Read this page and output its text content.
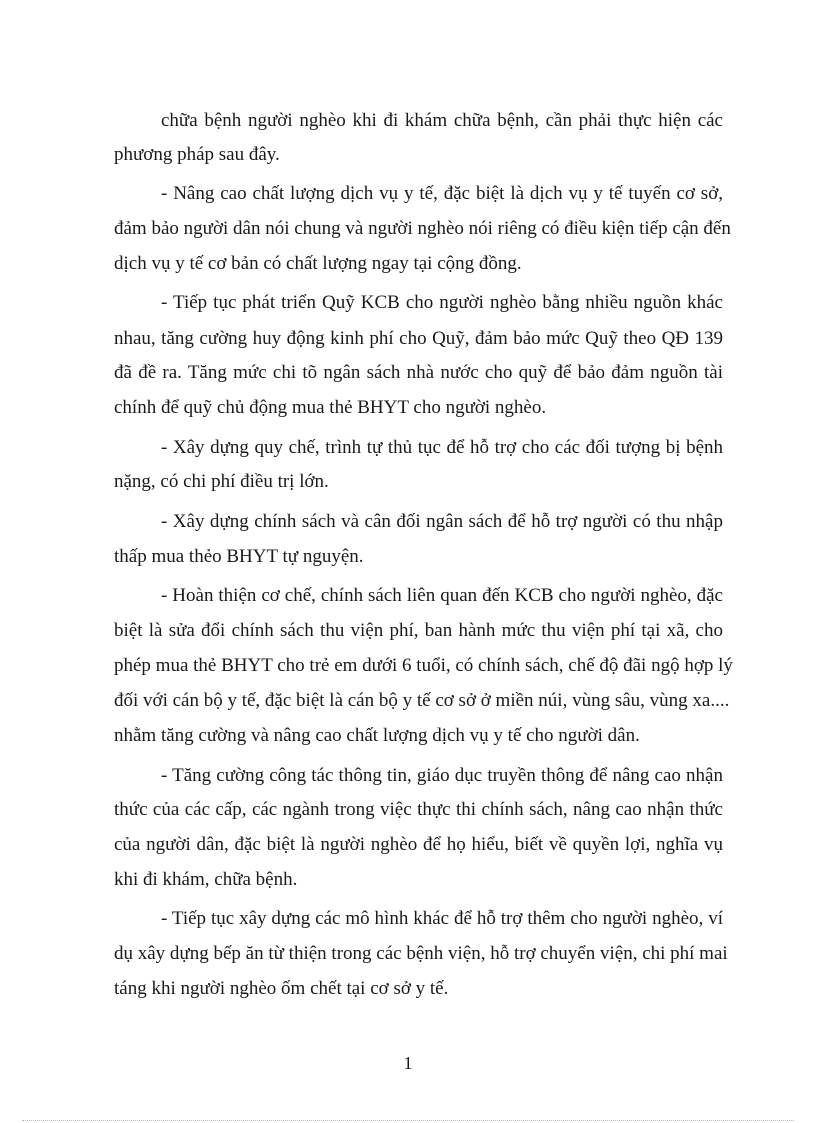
chữa bệnh người nghèo khi đi khám chữa bệnh, cần phải thực hiện các

phương pháp sau đây.

- Nâng cao chất lượng dịch vụ y tế, đặc biệt là dịch vụ y tế tuyến cơ sở,

đảm bảo người dân nói chung và người nghèo nói riêng có điều kiện tiếp cận đến

dịch vụ y tế cơ bản có chất lượng ngay tại cộng đồng.

- Tiếp tục phát triển Quỹ KCB cho người nghèo bằng nhiều nguồn khác

nhau, tăng cường huy động kinh phí cho Quỹ, đảm bảo mức Quỹ theo QĐ 139

đã đề ra. Tăng mức chi tõ ngân sách nhà nước cho quỹ để bảo đảm nguồn tài

chính để quỹ chủ động mua thẻ BHYT cho người nghèo.

- Xây dựng quy chế, trình tự thủ tục để hỗ trợ cho các đối tượng bị bệnh

nặng, có chi phí điều trị lớn.

- Xây dựng chính sách và cân đối ngân sách để hỗ trợ người có thu nhập

thấp mua thẻo BHYT tự nguyện.

- Hoàn thiện cơ chế, chính sách liên quan đến KCB cho người nghèo, đặc

biệt là sửa đổi chính sách thu viện phí, ban hành mức thu viện phí tại xã, cho

phép mua thẻ BHYT cho trẻ em dưới 6 tuổi, có chính sách, chế độ đãi ngộ hợp lý

đối với cán bộ y tế, đặc biệt là cán bộ y tế cơ sở ở miền núi, vùng sâu, vùng xa....

nhằm tăng cường và nâng cao chất lượng dịch vụ y tế cho người dân.

- Tăng cường công tác thông tin, giáo dục truyền thông để nâng cao nhận

thức của các cấp, các ngành trong việc thực thi chính sách, nâng cao nhận thức

của người dân, đặc biệt là người nghèo để họ hiểu, biết về quyền lợi, nghĩa vụ

khi đi khám, chữa bệnh.

- Tiếp tục xây dựng các mô hình khác để hỗ trợ thêm cho người nghèo, ví

dụ xây dựng bếp ăn từ thiện trong các bệnh viện, hỗ trợ chuyển viện, chi phí mai

táng khi người nghèo ốm chết tại cơ sở y tế.

1
